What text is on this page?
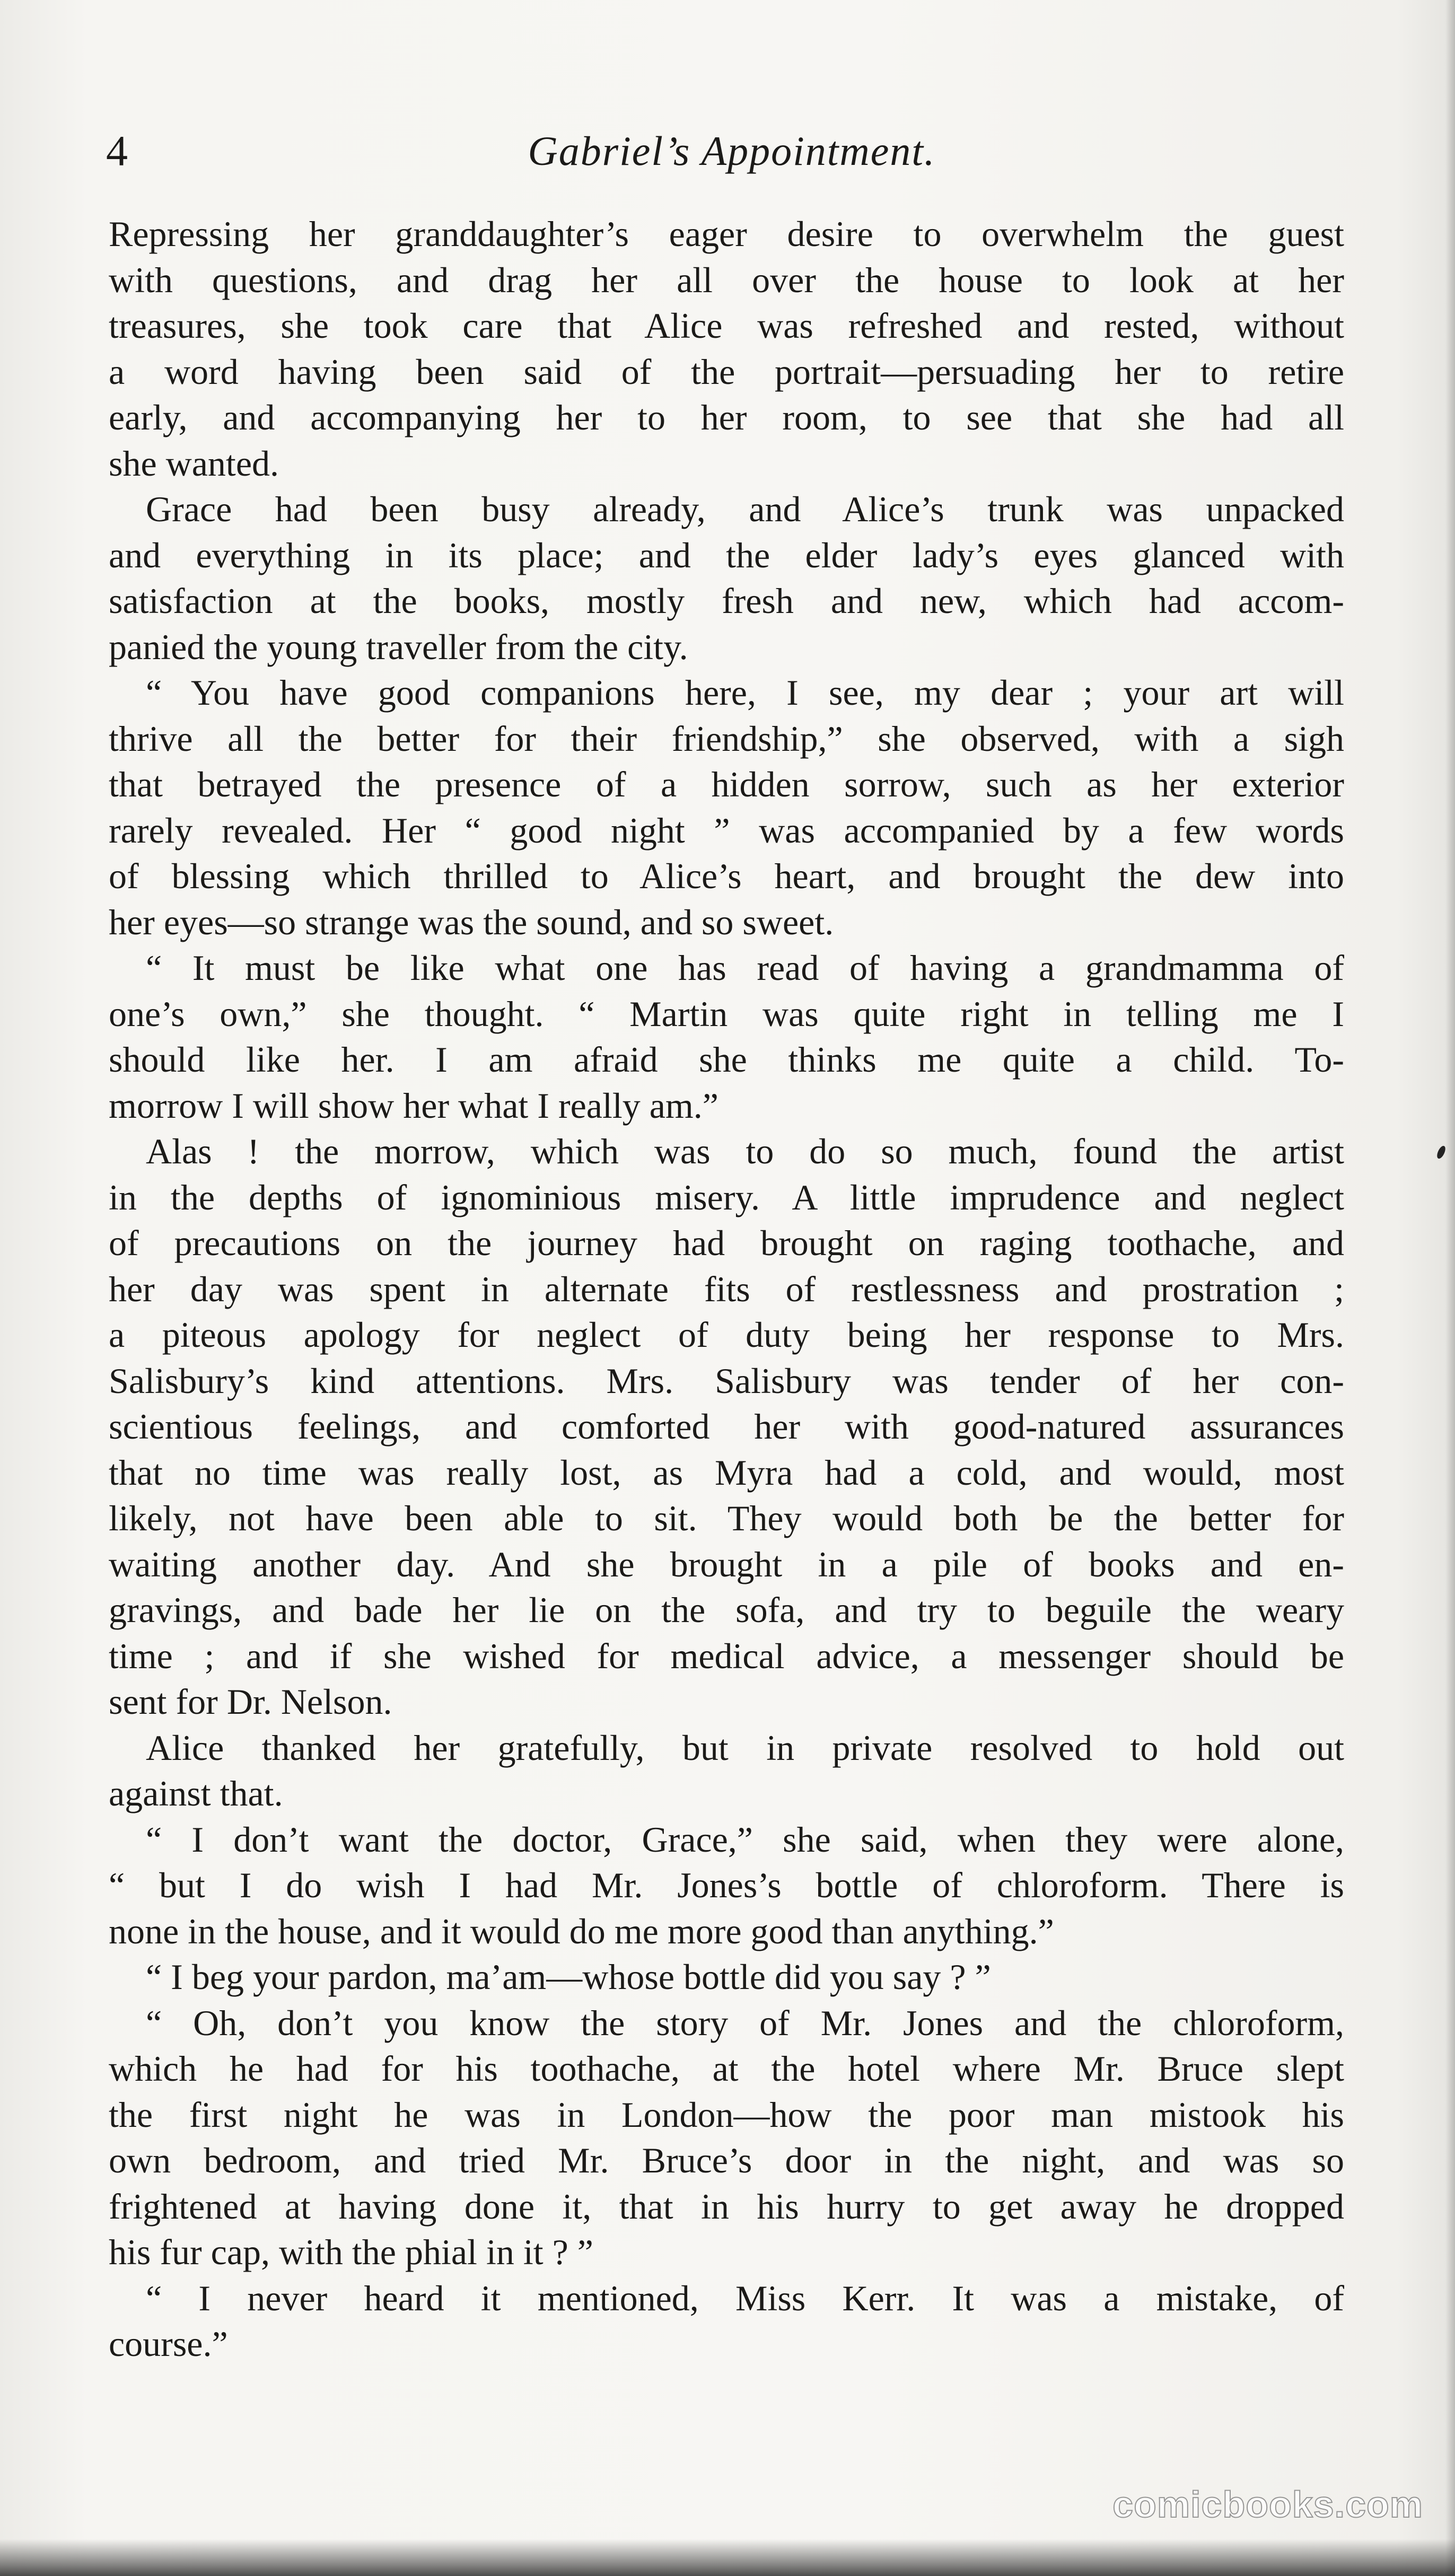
4	Gabriel’s Appointment.
Repressing her granddaughter’s eager desire to overwhelm the guest
with questions, and drag her all over the house to look at her
treasures, she took care that Alice was refreshed and rested, without
a word having been said of the portrait—persuading her to retire
early, and accompanying her to her room, to see that she had all
she wanted.
Grace had been busy already, and Alice’s trunk was unpacked
and everything in its place; and the elder lady’s eyes glanced with
satisfaction at the books, mostly fresh and new, which had accom-
panied the young traveller from the city.
“ You have good companions here, I see, my dear ; your art will
thrive all the better for their friendship,” she observed, with a sigh
that betrayed the presence of a hidden sorrow, such as her exterior
rarely revealed. Her “ good night ” was accompanied by a few words
of blessing which thrilled to Alice’s heart, and brought the dew into
her eyes—so strange was the sound, and so sweet.
“ It must be like what one has read of having a grandmamma of
one’s own,” she thought. “ Martin was quite right in telling me I
should like her. I am afraid she thinks me quite a child. To-
morrow I will show her what I really am.”
Alas ! the morrow, which was to do so much, found the artist
in the depths of ignominious misery. A little imprudence and neglect
of precautions on the journey had brought on raging toothache, and
her day was spent in alternate fits of restlessness and prostration ;
a piteous apology for neglect of duty being her response to Mrs.
Salisbury’s kind attentions. Mrs. Salisbury was tender of her con-
scientious feelings, and comforted her with good-natured assurances
that no time was really lost, as Myra had a cold, and would, most
likely, not have been able to sit. They would both be the better for
waiting another day. And she brought in a pile of books and en-
gravings, and bade her lie on the sofa, and try to beguile the weary
time ; and if she wished for medical advice, a messenger should be
sent for Dr. Nelson.
Alice thanked her gratefully, but in private resolved to hold out
against that.
“ I don’t want the doctor, Grace,” she said, when they were alone,
“ but I do wish I had Mr. Jones’s bottle of chloroform. There is
none in the house, and it would do me more good than anything.”
“ I beg your pardon, ma’am—whose bottle did you say ? ”
“ Oh, don’t you know the story of Mr. Jones and the chloroform,
which he had for his toothache, at the hotel where Mr. Bruce slept
the first night he was in London—how the poor man mistook his
own bedroom, and tried Mr. Bruce’s door in the night, and was so
frightened at having done it, that in his hurry to get away he dropped
his fur cap, with the phial in it ? ”
“ I never heard it mentioned, Miss Kerr. It was a mistake, of
course.”
comicbooks.com
